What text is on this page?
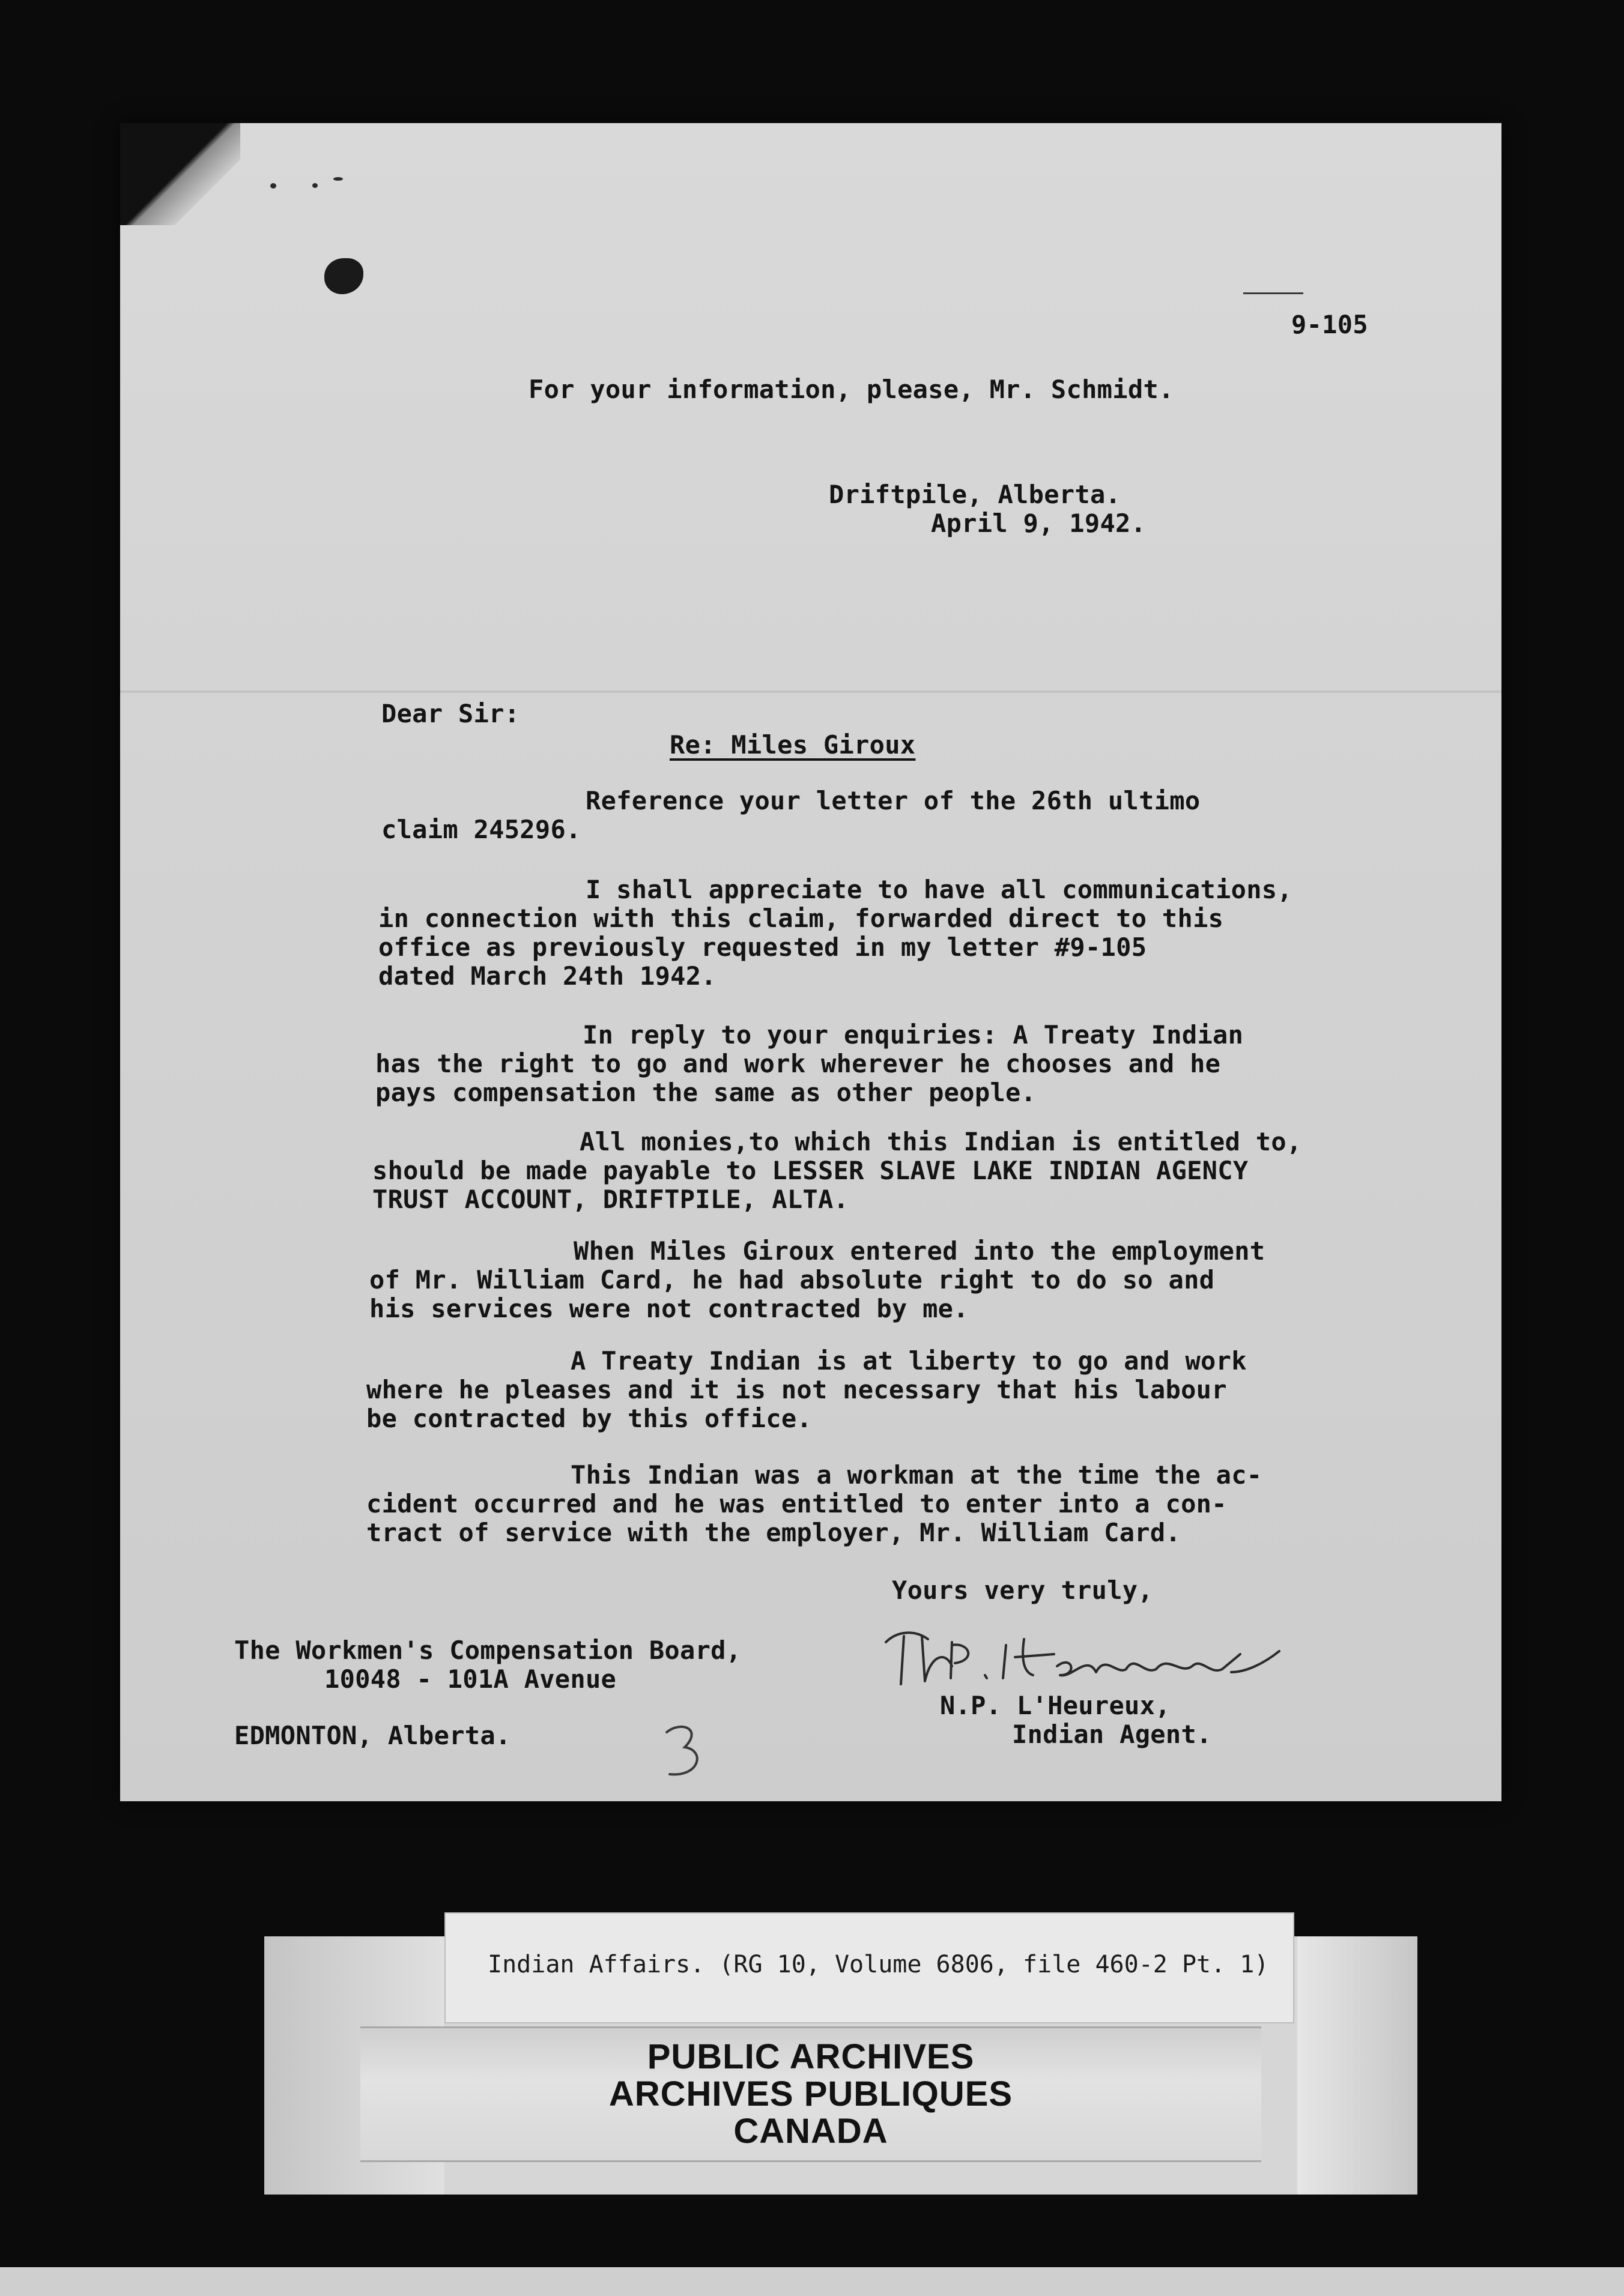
9-105
For your information, please, Mr. Schmidt.
Driftpile, Alberta.
April 9, 1942.
Dear Sir:
Re: Miles Giroux
Reference your letter of the 26th ultimo
claim 245296.
I shall appreciate to have all communications,
in connection with this claim, forwarded direct to this
office as previously requested in my letter #9-105
dated March 24th 1942.
In reply to your enquiries: A Treaty Indian
has the right to go and work wherever he chooses and he
pays compensation the same as other people.
All monies,to which this Indian is entitled to,
should be made payable to LESSER SLAVE LAKE INDIAN AGENCY
TRUST ACCOUNT, DRIFTPILE, ALTA.
When Miles Giroux entered into the employment
of Mr. William Card, he had absolute right to do so and
his services were not contracted by me.
A Treaty Indian is at liberty to go and work
where he pleases and it is not necessary that his labour
be contracted by this office.
This Indian was a workman at the time the ac-
cident occurred and he was entitled to enter into a con-
tract of service with the employer, Mr. William Card.
Yours very truly,
The Workmen's Compensation Board,
10048 - 101A Avenue
EDMONTON, Alberta.
N.P. L'Heureux,
Indian Agent.
Indian Affairs. (RG 10, Volume 6806, file 460-2 Pt. 1)
PUBLIC ARCHIVES
ARCHIVES PUBLIQUES
CANADA
